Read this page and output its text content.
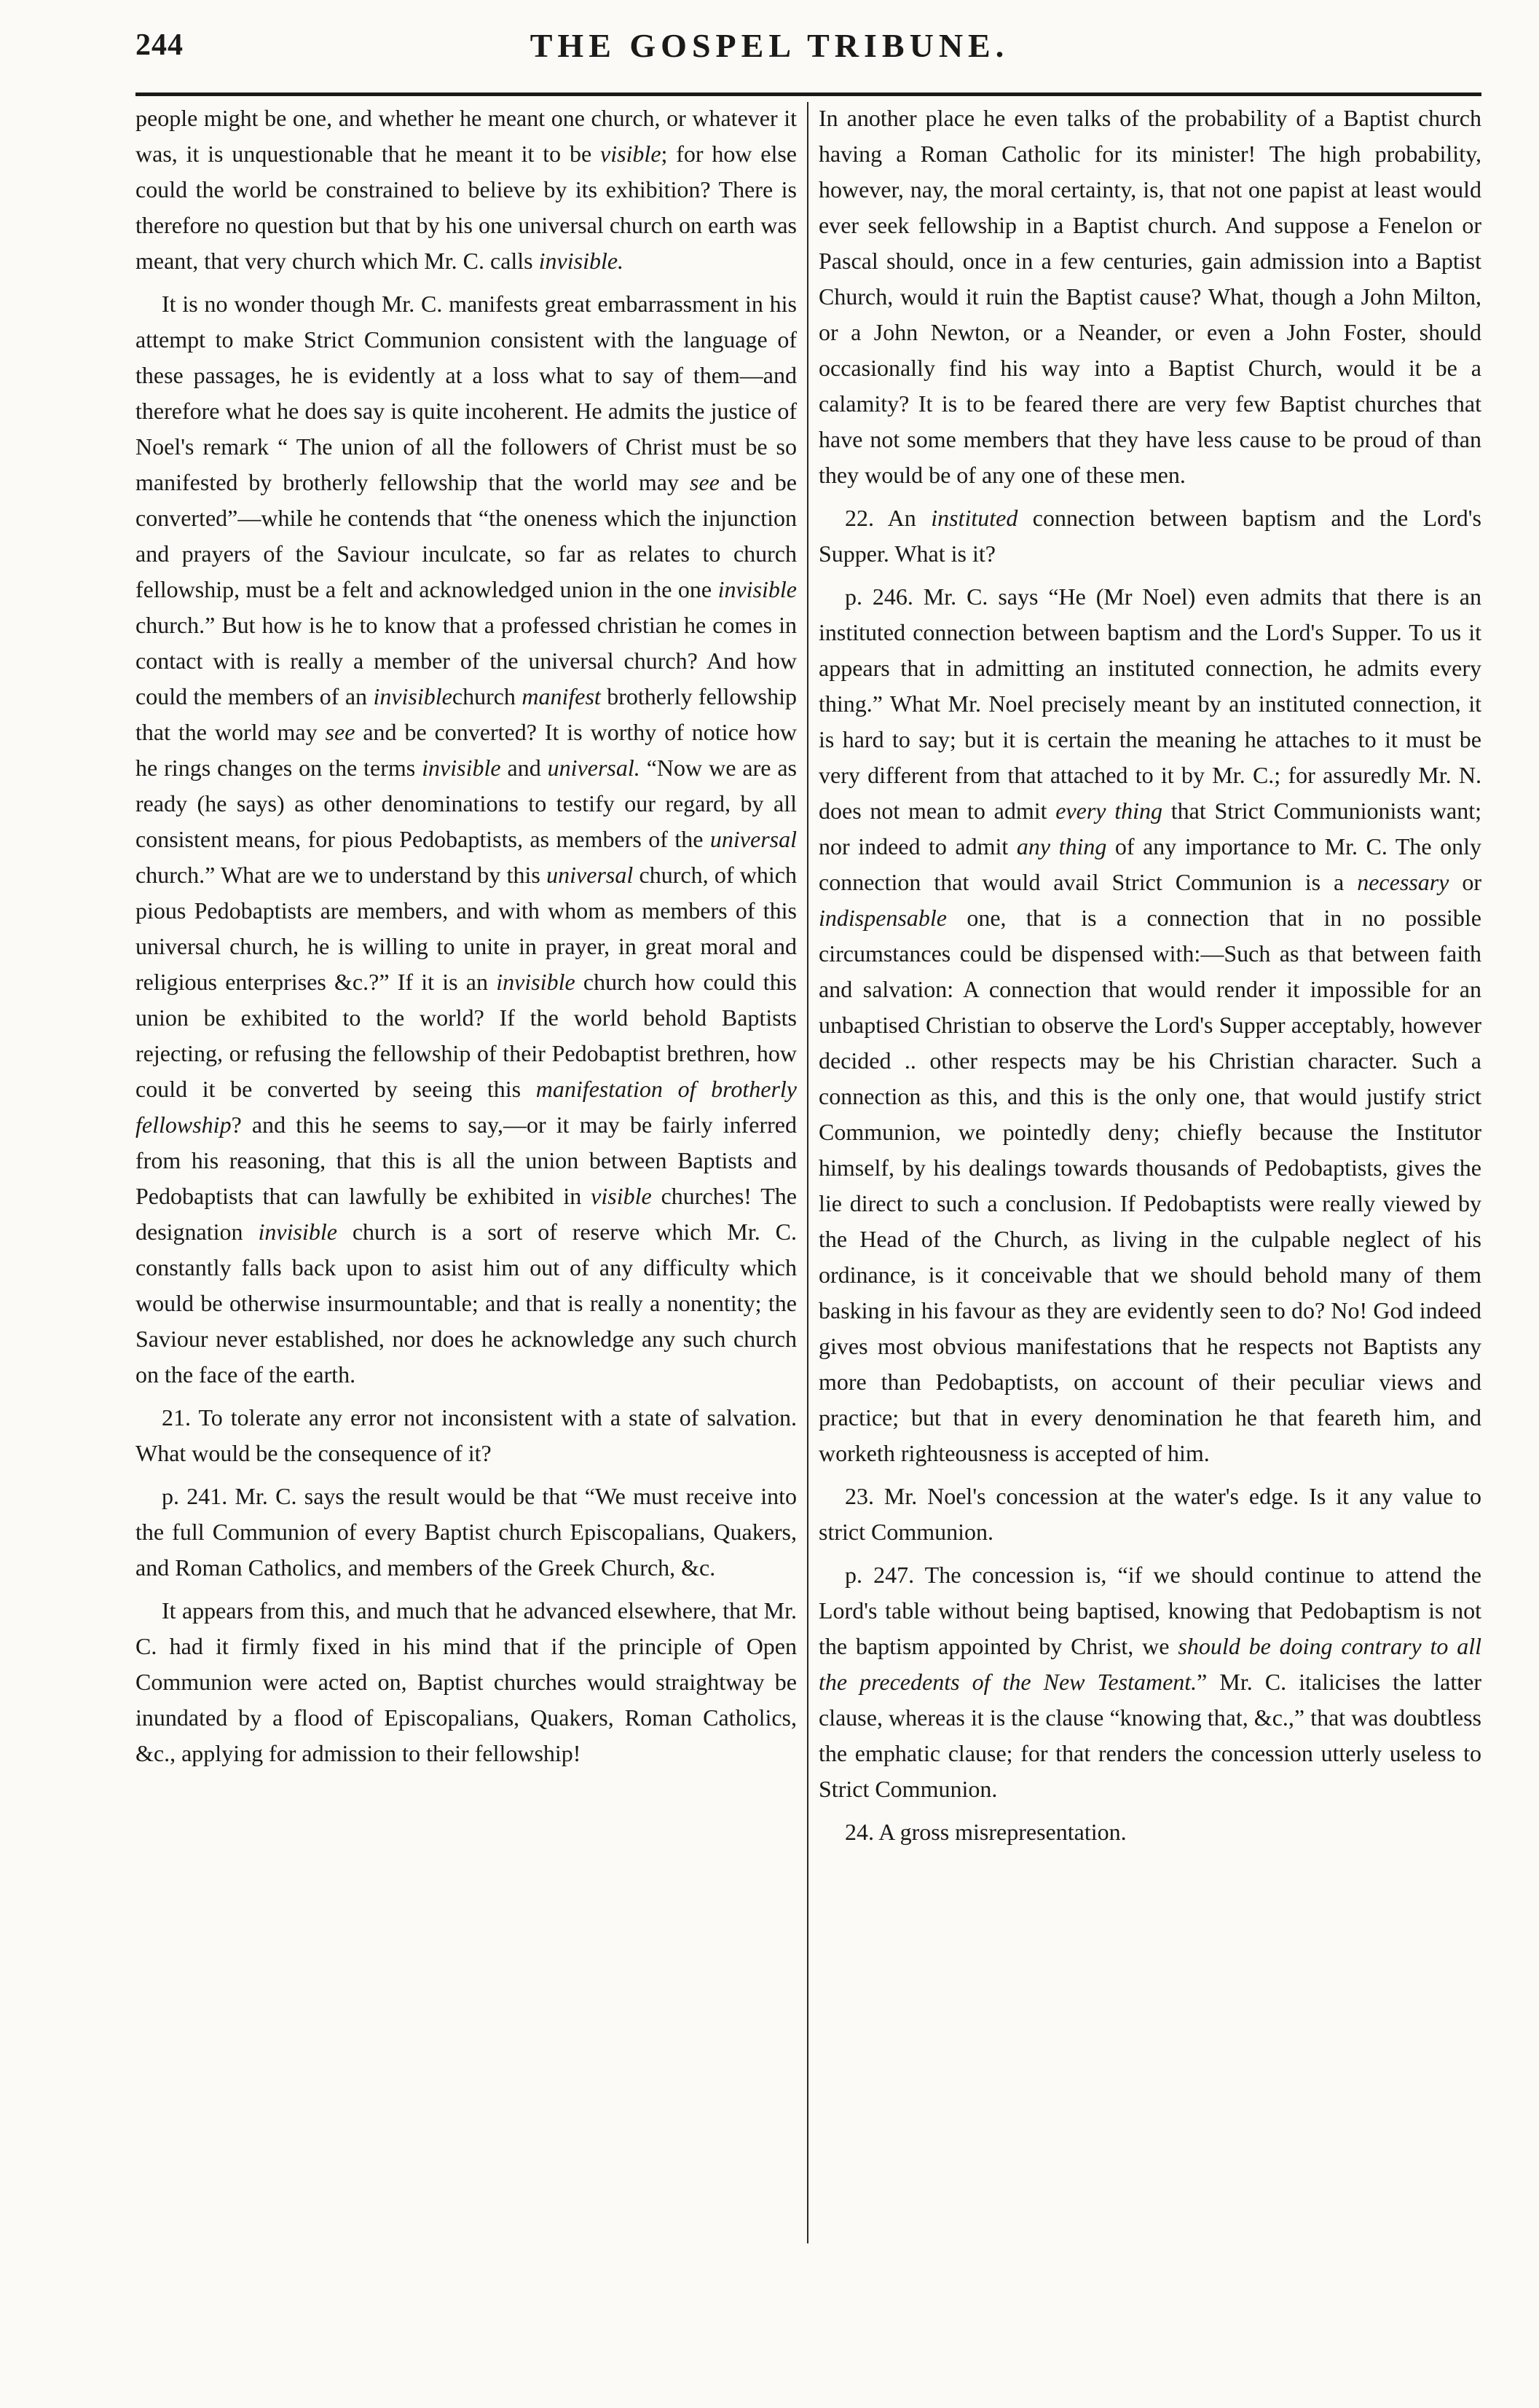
244	THE GOSPEL TRIBUNE.

people might be one, and whether he meant one church, or whatever it was, it is unquestionable that he meant it to be visible; for how else could the world be constrained to believe by its exhibition? There is therefore no question but that by his one universal church on earth was meant, that very church which Mr. C. calls invisible.

It is no wonder though Mr. C. manifests great embarrassment in his attempt to make Strict Communion consistent with the language of these passages, he is evidently at a loss what to say of them—and therefore what he does say is quite incoherent. He admits the justice of Noel's remark “ The union of all the followers of Christ must be so manifested by brotherly fellowship that the world may see and be converted”—while he contends that “the oneness which the injunction and prayers of the Saviour inculcate, so far as relates to church fellowship, must be a felt and acknowledged union in the one invisible church.” But how is he to know that a professed christian he comes in contact with is really a member of the universal church? And how could the members of an invisiblechurch manifest brotherly fellowship that the world may see and be converted? It is worthy of notice how he rings changes on the terms invisible and universal. “Now we are as ready (he says) as other denominations to testify our regard, by all consistent means, for pious Pedobaptists, as members of the universal church.” What are we to understand by this universal church, of which pious Pedobaptists are members, and with whom as members of this universal church, he is willing to unite in prayer, in great moral and religious enterprises &c.?” If it is an invisible church how could this union be exhibited to the world? If the world behold Baptists rejecting, or refusing the fellowship of their Pedobaptist brethren, how could it be converted by seeing this manifestation of brotherly fellowship? and this he seems to say,—or it may be fairly inferred from his reasoning, that this is all the union between Baptists and Pedobaptists that can lawfully be exhibited in visible churches! The designation invisible church is a sort of reserve which Mr. C. constantly falls back upon to asist him out of any difficulty which would be otherwise insurmountable; and that is really a nonentity; the Saviour never established, nor does he acknowledge any such church on the face of the earth.

21. To tolerate any error not inconsistent with a state of salvation. What would be the consequence of it?

p. 241. Mr. C. says the result would be that “We must receive into the full Communion of every Baptist church Episcopalians, Quakers, and Roman Catholics, and members of the Greek Church, &c.

It appears from this, and much that he advanced elsewhere, that Mr. C. had it firmly fixed in his mind that if the principle of Open Communion were acted on, Baptist churches would straightway be inundated by a flood of Episcopalians, Quakers, Roman Catholics, &c., applying for admission to their fellowship!

In another place he even talks of the probability of a Baptist church having a Roman Catholic for its minister! The high probability, however, nay, the moral certainty, is, that not one papist at least would ever seek fellowship in a Baptist church. And suppose a Fenelon or Pascal should, once in a few centuries, gain admission into a Baptist Church, would it ruin the Baptist cause? What, though a John Milton, or a John Newton, or a Neander, or even a John Foster, should occasionally find his way into a Baptist Church, would it be a calamity? It is to be feared there are very few Baptist churches that have not some members that they have less cause to be proud of than they would be of any one of these men.

22. An instituted connection between baptism and the Lord's Supper. What is it?

p. 246. Mr. C. says “He (Mr Noel) even admits that there is an instituted connection between baptism and the Lord's Supper. To us it appears that in admitting an instituted connection, he admits every thing.” What Mr. Noel precisely meant by an instituted connection, it is hard to say; but it is certain the meaning he attaches to it must be very different from that attached to it by Mr. C.; for assuredly Mr. N. does not mean to admit every thing that Strict Communionists want; nor indeed to admit any thing of any importance to Mr. C. The only connection that would avail Strict Communion is a necessary or indispensable one, that is a connection that in no possible circumstances could be dispensed with:—Such as that between faith and salvation: A connection that would render it impossible for an unbaptised Christian to observe the Lord's Supper acceptably, however decided .. other respects may be his Christian character. Such a connection as this, and this is the only one, that would justify strict Communion, we pointedly deny; chiefly because the Institutor himself, by his dealings towards thousands of Pedobaptists, gives the lie direct to such a conclusion. If Pedobaptists were really viewed by the Head of the Church, as living in the culpable neglect of his ordinance, is it conceivable that we should behold many of them basking in his favour as they are evidently seen to do? No! God indeed gives most obvious manifestations that he respects not Baptists any more than Pedobaptists, on account of their peculiar views and practice; but that in every denomination he that feareth him, and worketh righteousness is accepted of him.

23. Mr. Noel's concession at the water's edge. Is it any value to strict Communion.

p. 247. The concession is, “if we should continue to attend the Lord's table without being baptised, knowing that Pedobaptism is not the baptism appointed by Christ, we should be doing contrary to all the precedents of the New Testament.” Mr. C. italicises the latter clause, whereas it is the clause “knowing that, &c.,” that was doubtless the emphatic clause; for that renders the concession utterly useless to Strict Communion.

24. A gross misrepresentation.
